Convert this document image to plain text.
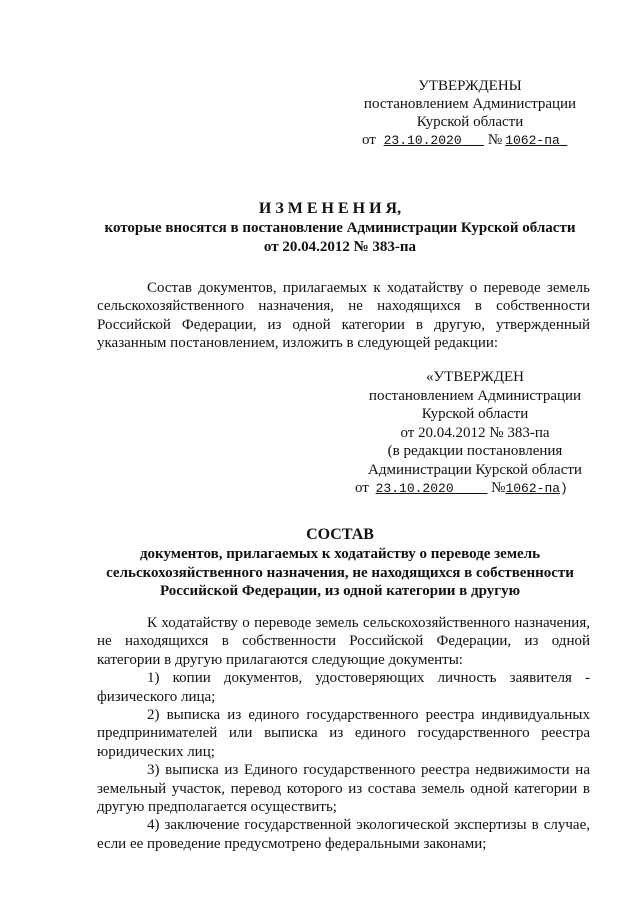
УТВЕРЖДЕНЫ
постановлением Администрации
Курской области
от 23.10.2020 № 1062-па
И З М Е Н Е Н И Я,
которые вносятся в постановление Администрации Курской области
от 20.04.2012 № 383-па

Состав документов, прилагаемых к ходатайству о переводе земель сельскохозяйственного назначения, не находящихся в собственности Российской Федерации, из одной категории в другую, утвержденный указанным постановлением, изложить в следующей редакции:

«УТВЕРЖДЕН
постановлением Администрации
Курской области
от 20.04.2012 № 383-па
(в редакции постановления
Администрации Курской области
от 23.10.2020	№1062-па)
СОСТАВ
документов, прилагаемых к ходатайству о переводе земель
сельскохозяйственного назначения, не находящихся в собственности
Российской Федерации, из одной категории в другую

К ходатайству о переводе земель сельскохозяйственного назначения, не находящихся в собственности Российской Федерации, из одной категории в другую прилагаются следующие документы:

1) копии документов, удостоверяющих личность заявителя - физического лица;

2) выписка из единого государственного реестра индивидуальных предпринимателей или выписка из единого государственного реестра юридических лиц;

3) выписка из Единого государственного реестра недвижимости на земельный участок, перевод которого из состава земель одной категории в другую предполагается осуществить;

4) заключение государственной экологической экспертизы в случае, если ее проведение предусмотрено федеральными законами;
